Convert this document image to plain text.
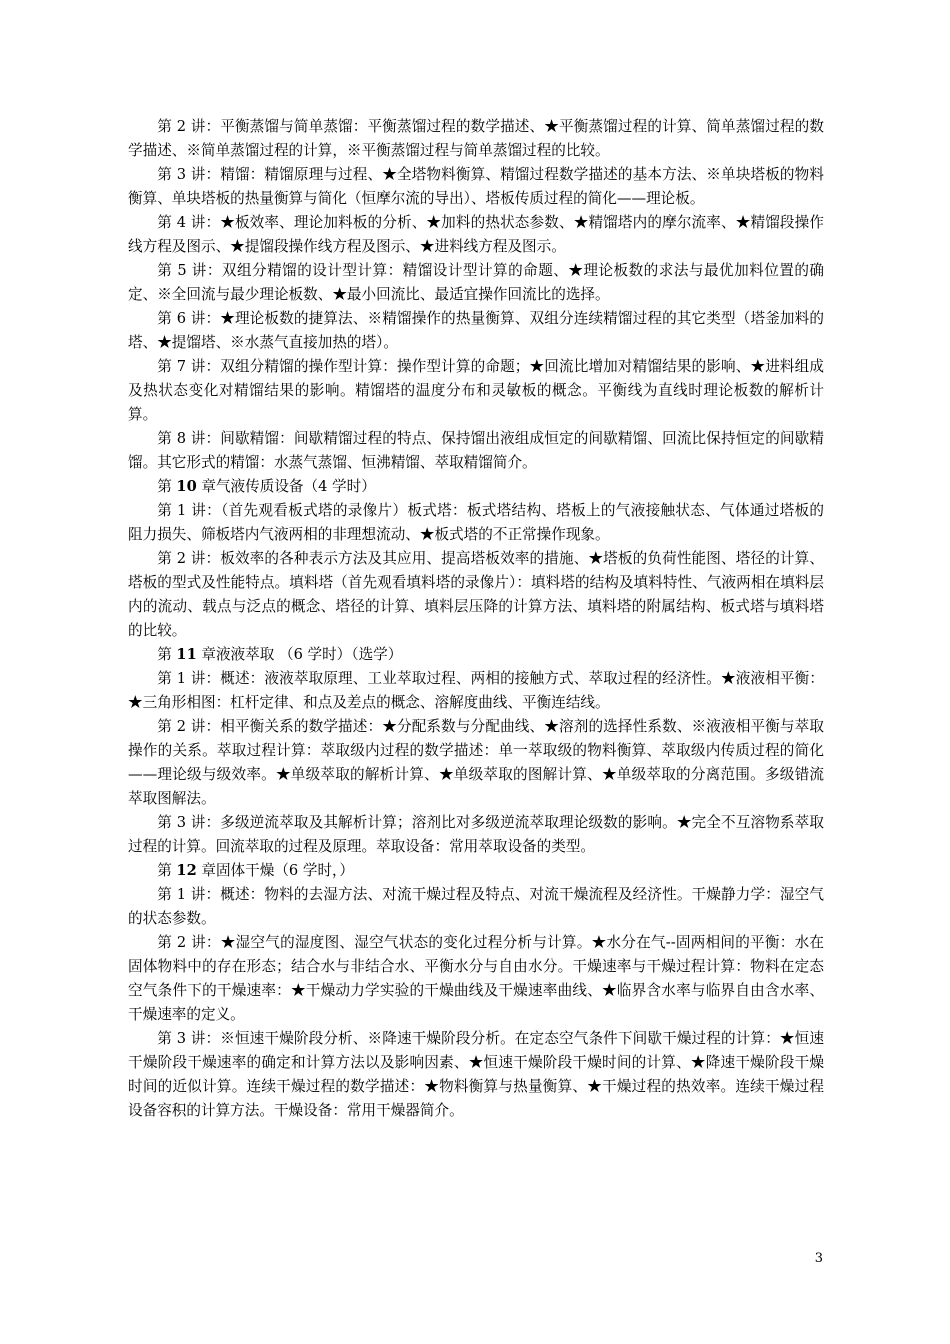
第 2 讲：平衡蒸馏与简单蒸馏：平衡蒸馏过程的数学描述、★平衡蒸馏过程的计算、简单蒸馏过程的数学描述、※简单蒸馏过程的计算，※平衡蒸馏过程与简单蒸馏过程的比较。

第 3 讲：精馏：精馏原理与过程、★全塔物料衡算、精馏过程数学描述的基本方法、※单块塔板的物料衡算、单块塔板的热量衡算与简化（恒摩尔流的导出）、塔板传质过程的简化——理论板。

第 4 讲：★板效率、理论加料板的分析、★加料的热状态参数、★精馏塔内的摩尔流率、★精馏段操作线方程及图示、★提馏段操作线方程及图示、★进料线方程及图示。

第 5 讲：双组分精馏的设计型计算：精馏设计型计算的命题、★理论板数的求法与最优加料位置的确定、※全回流与最少理论板数、★最小回流比、最适宜操作回流比的选择。

第 6 讲：★理论板数的捷算法、※精馏操作的热量衡算、双组分连续精馏过程的其它类型（塔釜加料的塔、★提馏塔、※水蒸气直接加热的塔）。

第 7 讲：双组分精馏的操作型计算：操作型计算的命题；★回流比增加对精馏结果的影响、★进料组成及热状态变化对精馏结果的影响。精馏塔的温度分布和灵敏板的概念。平衡线为直线时理论板数的解析计算。

第 8 讲：间歇精馏：间歇精馏过程的特点、保持馏出液组成恒定的间歇精馏、回流比保持恒定的间歇精馏。其它形式的精馏：水蒸气蒸馏、恒沸精馏、萃取精馏简介。

第 10 章气液传质设备（4 学时）

第 1 讲：（首先观看板式塔的录像片）板式塔：板式塔结构、塔板上的气液接触状态、气体通过塔板的阻力损失、筛板塔内气液两相的非理想流动、★板式塔的不正常操作现象。

第 2 讲：板效率的各种表示方法及其应用、提高塔板效率的措施、★塔板的负荷性能图、塔径的计算、塔板的型式及性能特点。填料塔（首先观看填料塔的录像片）：填料塔的结构及填料特性、气液两相在填料层内的流动、载点与泛点的概念、塔径的计算、填料层压降的计算方法、填料塔的附属结构、板式塔与填料塔的比较。

第 11 章液液萃取 （6 学时）（选学）

第 1 讲：概述：液液萃取原理、工业萃取过程、两相的接触方式、萃取过程的经济性。★液液相平衡：★三角形相图：杠杆定律、和点及差点的概念、溶解度曲线、平衡连结线。

第 2 讲：相平衡关系的数学描述：★分配系数与分配曲线、★溶剂的选择性系数、※液液相平衡与萃取操作的关系。萃取过程计算：萃取级内过程的数学描述：单一萃取级的物料衡算、萃取级内传质过程的简化——理论级与级效率。★单级萃取的解析计算、★单级萃取的图解计算、★单级萃取的分离范围。多级错流萃取图解法。

第 3 讲：多级逆流萃取及其解析计算；溶剂比对多级逆流萃取理论级数的影响。★完全不互溶物系萃取过程的计算。回流萃取的过程及原理。萃取设备：常用萃取设备的类型。

第 12 章固体干燥（6 学时，）

第 1 讲：概述：物料的去湿方法、对流干燥过程及特点、对流干燥流程及经济性。干燥静力学：湿空气的状态参数。

第 2 讲：★湿空气的湿度图、湿空气状态的变化过程分析与计算。★水分在气--固两相间的平衡：水在固体物料中的存在形态；结合水与非结合水、平衡水分与自由水分。干燥速率与干燥过程计算：物料在定态空气条件下的干燥速率：★干燥动力学实验的干燥曲线及干燥速率曲线、★临界含水率与临界自由含水率、干燥速率的定义。

第 3 讲：※恒速干燥阶段分析、※降速干燥阶段分析。在定态空气条件下间歇干燥过程的计算：★恒速干燥阶段干燥速率的确定和计算方法以及影响因素、★恒速干燥阶段干燥时间的计算、★降速干燥阶段干燥时间的近似计算。连续干燥过程的数学描述：★物料衡算与热量衡算、★干燥过程的热效率。连续干燥过程设备容积的计算方法。干燥设备：常用干燥器简介。

3
